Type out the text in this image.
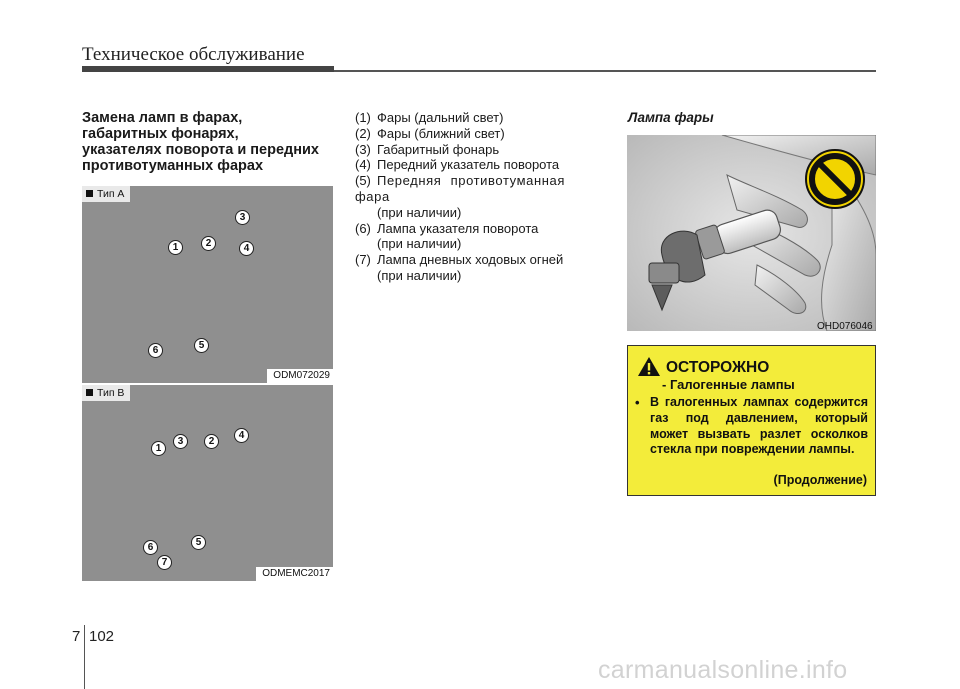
Техническое обслуживание
Замена ламп в фарах,
габаритных фонарях,
указателях поворота и передних
противотуманных фарах
Тип A
1	2
3
4
5
6
ODM072029
Тип B
1
2
3
4
5
6
7
ODMEMC2017
(1) Фары (дальний свет)
(2) Фары (ближний свет)
(3) Габаритный фонарь
(4) Передний указатель поворота
(5) Передняя противотуманная фара
(при наличии)
(6) Лампа указателя поворота
(при наличии)
(7) Лампа дневных ходовых огней
(при наличии)
Лампа фары
OHD076046
ОСТОРОЖНО
- Галогенные лампы
• В галогенных лампах содержится газ под давлением, который может вызвать разлет осколков стекла при повреждении лампы.
(Продолжение)
7 102
carmanualsonline.info
